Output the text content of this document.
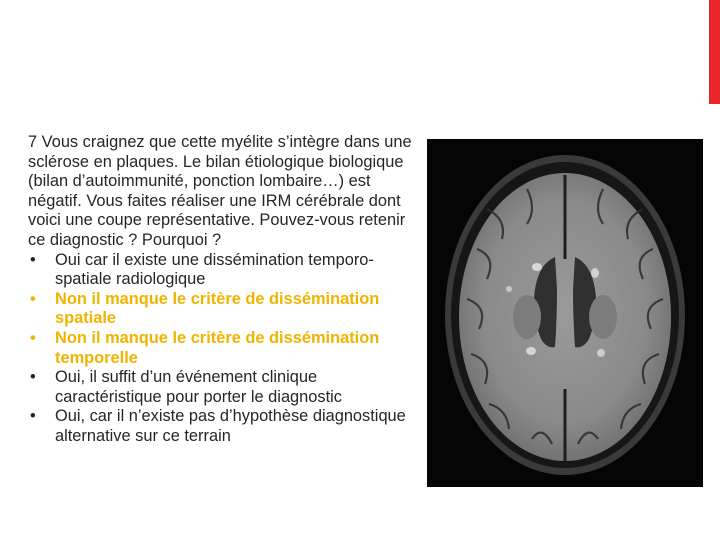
7 Vous craignez que cette myélite s’intègre dans une sclérose en plaques. Le bilan étiologique biologique (bilan d’autoimmunité, ponction lombaire…) est négatif. Vous faites réaliser une IRM cérébrale dont voici une coupe représentative. Pouvez-vous retenir ce diagnostic ? Pourquoi ?

• Oui car il existe une dissémination temporo-spatiale radiologique
• Non il manque le critère de dissémination spatiale
• Non il manque le critère de dissémination temporelle
• Oui, il suffit d’un événement clinique caractéristique pour porter le diagnostic
• Oui, car il n’existe pas d’hypothèse diagnostique alternative sur ce terrain
